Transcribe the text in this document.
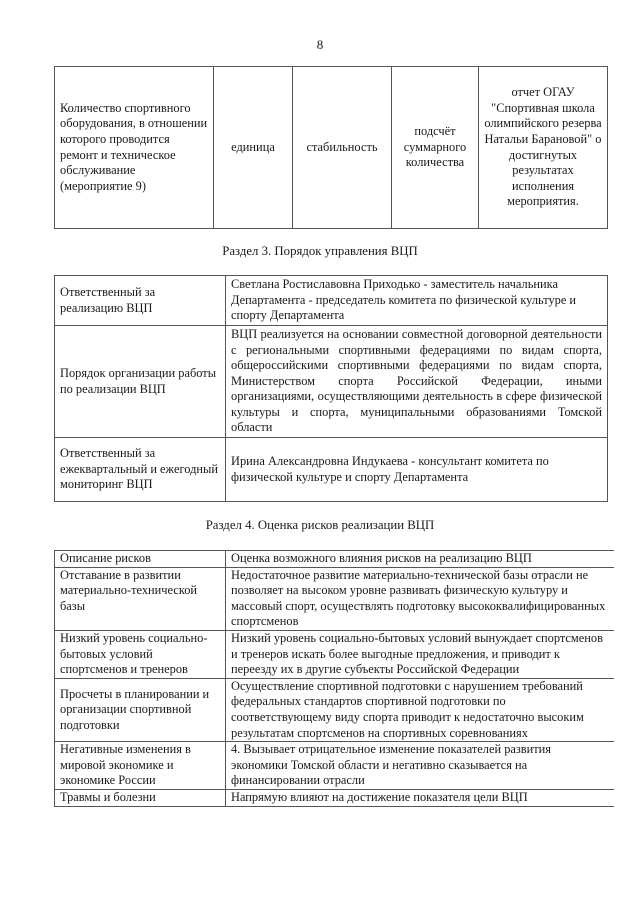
8
Количество спортивного оборудования, в отношении которого проводится ремонт и техническое обслуживание (мероприятие 9)	единица	стабильность	подсчёт суммарного количества	отчет ОГАУ "Спортивная школа олимпийского резерва Натальи Барановой" о достигнутых результатах исполнения мероприятия.
Раздел 3. Порядок управления ВЦП
Ответственный за реализацию ВЦП	Светлана Ростиславовна Приходько - заместитель начальника Департамента - председатель комитета по физической культуре и спорту Департамента
Порядок организации работы по реализации ВЦП	ВЦП реализуется на основании совместной договорной деятельности с региональными спортивными федерациями по видам спорта, общероссийскими спортивными федерациями по видам спорта, Министерством спорта Российской Федерации, иными организациями, осуществляющими деятельность в сфере физической культуры и спорта, муниципальными образованиями Томской области
Ответственный за ежеквартальный и ежегодный мониторинг ВЦП	Ирина Александровна Индукаева - консультант комитета по физической культуре и спорту Департамента
Раздел 4. Оценка рисков реализации ВЦП
Описание рисков	Оценка возможного влияния рисков на реализацию ВЦП
Отставание в развитии материально-технической базы	Недостаточное развитие материально-технической базы отрасли не позволяет на высоком уровне развивать физическую культуру и массовый спорт, осуществлять подготовку высококвалифицированных спортсменов
Низкий уровень социально-бытовых условий спортсменов и тренеров	Низкий уровень социально-бытовых условий вынуждает спортсменов и тренеров искать более выгодные предложения, и приводит к переезду их в другие субъекты Российской Федерации
Просчеты в планировании и организации спортивной подготовки	Осуществление спортивной подготовки с нарушением требований федеральных стандартов спортивной подготовки по соответствующему виду спорта приводит к недостаточно высоким результатам спортсменов на спортивных соревнованиях
Негативные изменения в мировой экономике и экономике России	4. Вызывает отрицательное изменение показателей развития экономики Томской области и негативно сказывается на финансировании отрасли
Травмы и болезни	Напрямую влияют на достижение показателя цели ВЦП
